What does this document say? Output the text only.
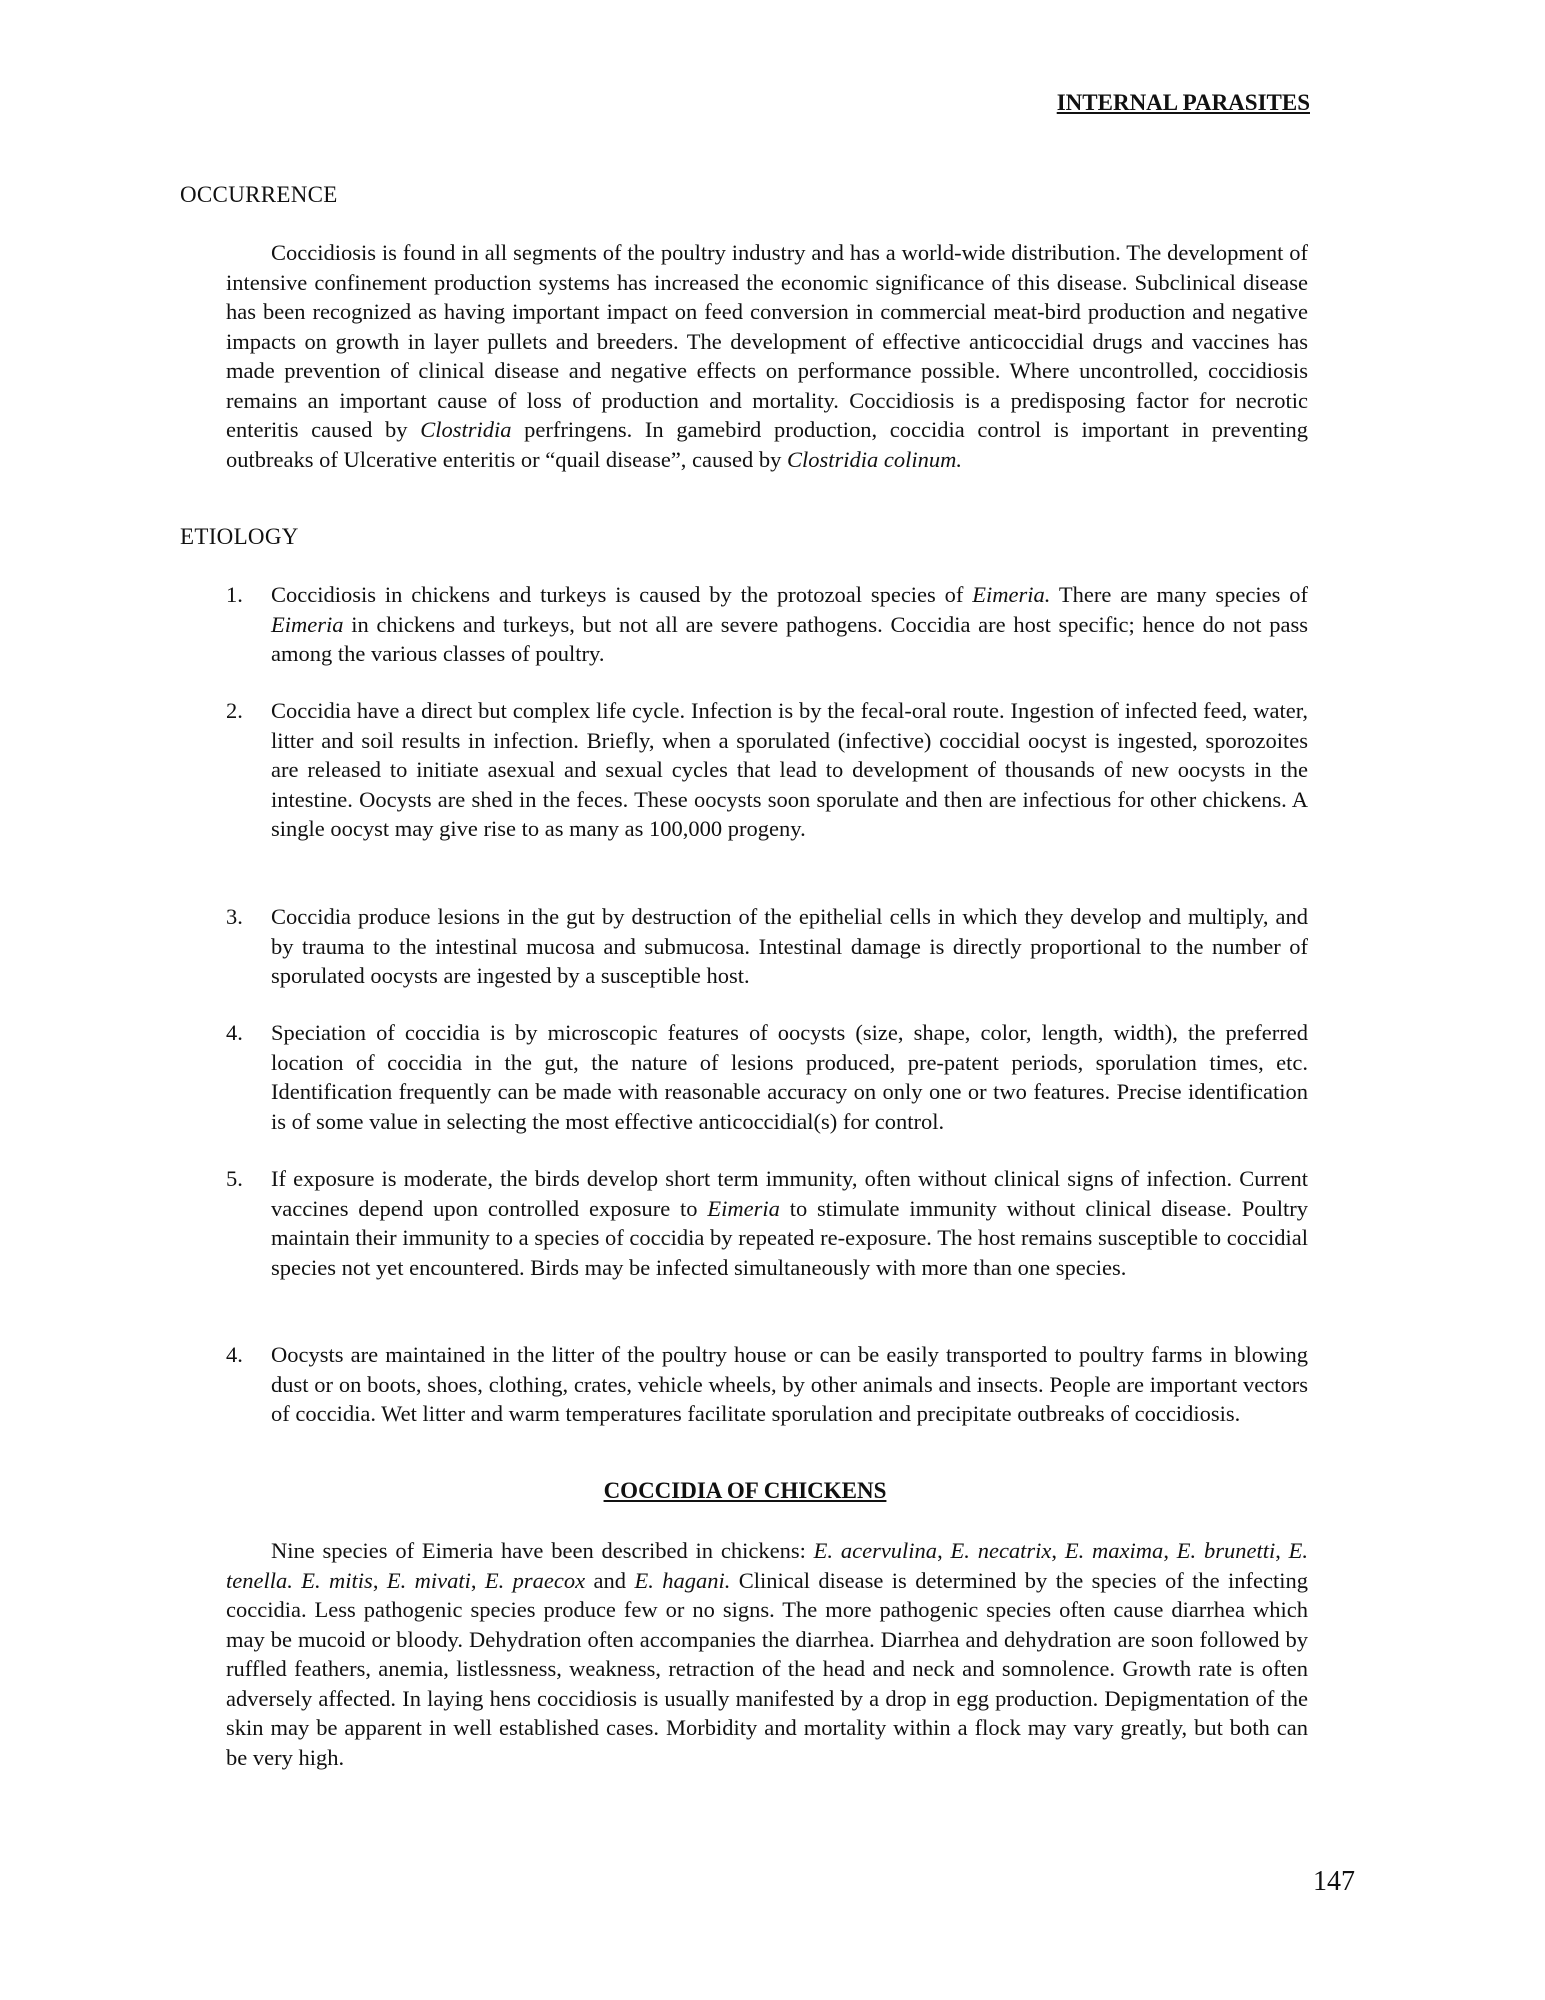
INTERNAL PARASITES
OCCURRENCE

Coccidiosis is found in all segments of the poultry industry and has a world-wide distribution. The development of intensive confinement production systems has increased the economic significance of this disease. Subclinical disease has been recognized as having important impact on feed conversion in commercial meat-bird production and negative impacts on growth in layer pullets and breeders. The development of effective anticoccidial drugs and vaccines has made prevention of clinical disease and negative effects on performance possible. Where uncontrolled, coccidiosis remains an important cause of loss of production and mortality. Coccidiosis is a predisposing factor for necrotic enteritis caused by Clostridia perfringens. In gamebird production, coccidia control is important in preventing outbreaks of Ulcerative enteritis or “quail disease”, caused by Clostridia colinum.

ETIOLOGY
1. Coccidiosis in chickens and turkeys is caused by the protozoal species of Eimeria. There are many species of Eimeria in chickens and turkeys, but not all are severe pathogens. Coccidia are host specific; hence do not pass among the various classes of poultry.

2. Coccidia have a direct but complex life cycle. Infection is by the fecal-oral route. Ingestion of infected feed, water, litter and soil results in infection. Briefly, when a sporulated (infective) coccidial oocyst is ingested, sporozoites are released to initiate asexual and sexual cycles that lead to development of thousands of new oocysts in the intestine. Oocysts are shed in the feces. These oocysts soon sporulate and then are infectious for other chickens. A single oocyst may give rise to as many as 100,000 progeny.

3. Coccidia produce lesions in the gut by destruction of the epithelial cells in which they develop and multiply, and by trauma to the intestinal mucosa and submucosa. Intestinal damage is directly proportional to the number of sporulated oocysts are ingested by a susceptible host.

4. Speciation of coccidia is by microscopic features of oocysts (size, shape, color, length, width), the preferred location of coccidia in the gut, the nature of lesions produced, pre-patent periods, sporulation times, etc. Identification frequently can be made with reasonable accuracy on only one or two features. Precise identification is of some value in selecting the most effective anticoccidial(s) for control.

5. If exposure is moderate, the birds develop short term immunity, often without clinical signs of infection. Current vaccines depend upon controlled exposure to Eimeria to stimulate immunity without clinical disease. Poultry maintain their immunity to a species of coccidia by repeated re-exposure. The host remains susceptible to coccidial species not yet encountered. Birds may be infected simultaneously with more than one species.

4. Oocysts are maintained in the litter of the poultry house or can be easily transported to poultry farms in blowing dust or on boots, shoes, clothing, crates, vehicle wheels, by other animals and insects. People are important vectors of coccidia. Wet litter and warm temperatures facilitate sporulation and precipitate outbreaks of coccidiosis.

COCCIDIA OF CHICKENS

Nine species of Eimeria have been described in chickens: E. acervulina, E. necatrix, E. maxima, E. brunetti, E. tenella. E. mitis, E. mivati, E. praecox and E. hagani. Clinical disease is determined by the species of the infecting coccidia. Less pathogenic species produce few or no signs. The more pathogenic species often cause diarrhea which may be mucoid or bloody. Dehydration often accompanies the diarrhea. Diarrhea and dehydration are soon followed by ruffled feathers, anemia, listlessness, weakness, retraction of the head and neck and somnolence. Growth rate is often adversely affected. In laying hens coccidiosis is usually manifested by a drop in egg production. Depigmentation of the skin may be apparent in well established cases. Morbidity and mortality within a flock may vary greatly, but both can be very high.

147
